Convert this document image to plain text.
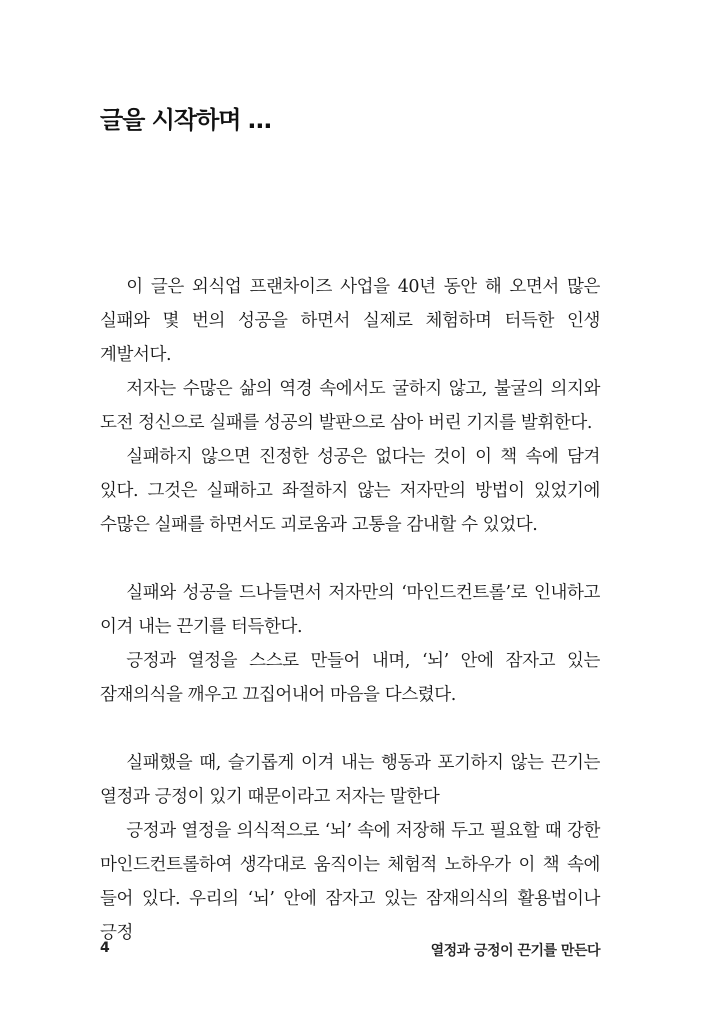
글을 시작하며 …

이 글은 외식업 프랜차이즈 사업을 40년 동안 해 오면서 많은 실패와 몇 번의 성공을 하면서 실제로 체험하며 터득한 인생 계발서다.

저자는 수많은 삶의 역경 속에서도 굴하지 않고, 불굴의 의지와 도전 정신으로 실패를 성공의 발판으로 삼아 버린 기지를 발휘한다.

실패하지 않으면 진정한 성공은 없다는 것이 이 책 속에 담겨 있다. 그것은 실패하고 좌절하지 않는 저자만의 방법이 있었기에 수많은 실패를 하면서도 괴로움과 고통을 감내할 수 있었다.

실패와 성공을 드나들면서 저자만의 ‘마인드컨트롤’로 인내하고 이겨 내는 끈기를 터득한다.

긍정과 열정을 스스로 만들어 내며, ‘뇌’ 안에 잠자고 있는 잠재의식을 깨우고 끄집어내어 마음을 다스렸다.

실패했을 때, 슬기롭게 이겨 내는 행동과 포기하지 않는 끈기는 열정과 긍정이 있기 때문이라고 저자는 말한다

긍정과 열정을 의식적으로 ‘뇌’ 속에 저장해 두고 필요할 때 강한 마인드컨트롤하여 생각대로 움직이는 체험적 노하우가 이 책 속에 들어 있다. 우리의 ‘뇌’ 안에 잠자고 있는 잠재의식의 활용법이나 긍정

4	열정과 긍정이 끈기를 만든다
